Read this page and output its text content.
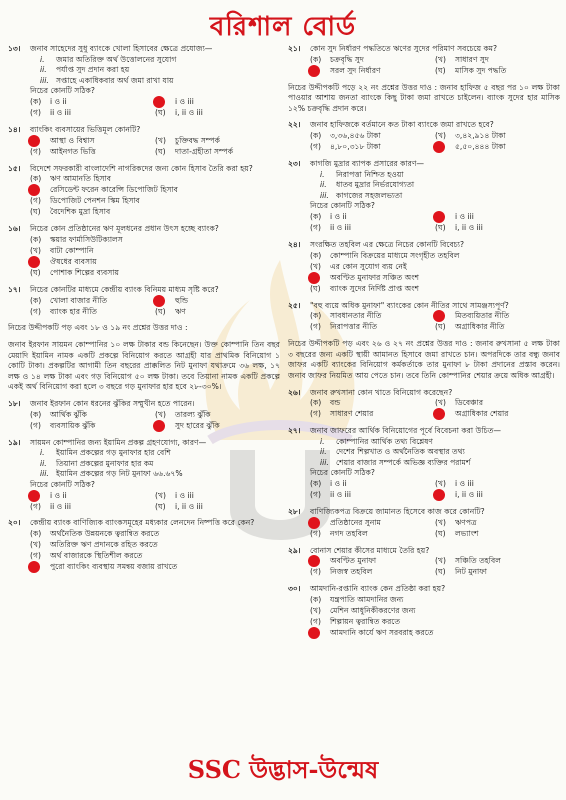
বরিশাল বোর্ড
১৩।	জনাব সাহেদের সুধু ব্যাংকে খোলা হিসাবের ক্ষেত্রে প্রযোজ্য—
i.	জমার অতিরিক্ত অর্থ উত্তোলনের সুযোগ
ii.	পর্যাপ্ত সুদ প্রদান করা হয়
iii. সপ্তাহে একাধিকবার অর্থ জমা রাখা যায়
নিচের কোনটি সঠিক?
(ক)	i ও ii	i ও iii
(গ)	ii ও iii	(ঘ)	i, ii ও iii
১৪।	ব্যাংকিং ব্যবসায়ের ভিত্তিমূল কোনটি?
আস্থা ও বিশ্বাস	(খ)	চুক্তিবদ্ধ সম্পর্ক
(গ)	আইনগত ভিত্তি	(ঘ)	দাতা-গ্রহীতা সম্পর্ক
১৫।	বিদেশে সফরকারী বাংলাদেশি নাগরিকদের জন্য কোন হিসাব তৈরি করা হয়?
(ক)	ঋণ আমানতি হিসাব
রেসিডেন্ট ফরেন কারেন্সি ডিপোজিট হিসাব
(গ)	ডিপোজিট পেনশন স্কিম হিসাব
(ঘ)	বৈদেশিক মুদ্রা হিসাব
১৬।	নিচের কোন প্রতিষ্ঠানের ঋণ মূলধনের প্রধান উৎস হচ্ছে ব্যাংক?
(ক)	স্কয়ার ফার্মাসিউটিক্যালস
(খ)	বাটা কোম্পানি
ঔষধের ব্যবসায়
(ঘ)	পোশাক শিল্পের ব্যবসায়
১৭।	নিচের কোনটির মাধ্যমে কেন্দ্রীয় ব্যাংক বিনিময় মাধ্যম সৃষ্টি করে?
(ক)	খোলা বাজার নীতি	হুন্ডি
(গ)	ব্যাংক হার নীতি	(ঘ)	ঋণ
নিচের উদ্দীপকটি পড় এবং ১৮ ও ১৯ নং প্রশ্নের উত্তর দাও :
জনাব ইরফান সায়মন কোম্পানির ১০ লক্ষ টাকার বন্ড কিনেছেন। উক্ত কোম্পানি তিন বছর মেয়াদি ইয়ামিন নামক একটি প্রকল্পে বিনিয়োগ করতে আগ্রহী যার প্রাথমিক বিনিয়োগ ১ কোটি টাকা। প্রকল্পটির আগামী তিন বছরের প্রাক্কলিত নিট মুনাফা যথাক্রমে ৩৬ লক্ষ, ১৭ লক্ষ ও ১৪ লক্ষ টাকা এবং গড় বিনিয়োগ ৫০ লক্ষ টাকা। তবে তিয়ানা নামক একটি প্রকল্পে একই অর্থ বিনিয়োগ করা হলে ৩ বছরে গড় মুনাফার হার হবে ২৮-৩০%।
১৮।	জনাব ইরফান কোন ধরনের ঝুঁকির সম্মুখীন হতে পারেন।
(ক)	আর্থিক ঝুঁকি	(খ)	তারল্য ঝুঁকি
(গ)	ব্যবসায়িক ঝুঁকি	সুদ হারের ঝুঁকি
১৯।	সায়মন কোম্পানির জন্য ইয়ামিন প্রকল্প গ্রহণযোগ্য, কারণ—
i.	ইয়ামিন প্রকল্পের গড় মুনাফার হার বেশি
ii.	তিয়ানা প্রকল্পের মুনাফার হার কম
iii. ইয়ামিন প্রকল্পের গড় নিট মুনাফা ৬৬.৬৭%
নিচের কোনটি সঠিক?
i ও ii	(খ)	i ও iii
(গ)	ii ও iii	(ঘ)	i, ii ও iii
২০।	কেন্দ্রীয় ব্যাংক বাণিজ্যিক ব্যাংকসমূহের মধ্যকার লেনদেন নিষ্পত্তি করে কেন?
(ক)	অর্থনৈতিক উন্নয়নকে ত্বরান্বিত করতে
(খ)	অতিরিক্ত ঋণ প্রদানকে রহিত করতে
(গ)	অর্থ বাজারকে স্থিতিশীল করতে
পুরো ব্যাংকিং ব্যবস্থায় সমন্বয় বজায় রাখতে
২১।	কোন সুদ নির্ধারণ পদ্ধতিতে ঋণের সুদের পরিমাণ সবচেয়ে কম?
(ক)	চক্রবৃদ্ধি সুদ	(খ)	সাধারণ সুদ
সরল সুদ নির্ধারণ	(ঘ)	মাসিক সুদ পদ্ধতি
নিচের উদ্দীপকটি পড়ে ২২ নং প্রশ্নের উত্তর দাও : জনাব হাফিজ ৫ বছর পর ১০ লক্ষ টাকা পাওয়ার আশায় জনতা ব্যাংকে কিছু টাকা জমা রাখতে চাইলেন। ব্যাংক সুদের হার মাসিক ১২% চক্রবৃদ্ধি প্রদান করে।
২২।	জনাব হাফিজকে বর্তমানে কত টাকা ব্যাংকে জমা রাখতে হবে?
(ক)	৩,৩৬,৪৫৬ টাকা	(খ)	৩,৪২,৯১৪ টাকা
(গ)	৪,৮০,৩১৮ টাকা	৫,৫০,৪৪৪ টাকা
২৩।	কাগজি মুদ্রার ব্যাপক প্রসারের কারণ—
i.	নিরাপত্তা নিশ্চিত হওয়া
ii.	ধাতব মুদ্রার নির্ভরযোগ্যতা
iii. কাগজের সহজলভ্যতা
নিচের কোনটি সঠিক?
(ক)	i ও ii	i ও iii
(গ)	ii ও iii	(ঘ)	i, ii ও iii
২৪।	সংরক্ষিত তহবিল এর ক্ষেত্রে নিচের কোনটি বিবেচ্য?
(ক)	কোম্পানি বিক্রয়ের মাধ্যমে সংগৃহীত তহবিল
(খ)	এর কোন সুযোগ ব্যয় নেই
অবণ্টিত মুনাফার সঞ্চিত অংশ
(ঘ)	ব্যাংক সুদের নির্দিষ্ট প্রাপ্ত অংশ
২৫।	"বহু ব্যয়ে অধিক মুনাফা" ব্যাংকের কোন নীতির সাথে সামঞ্জস্যপূর্ণ?
(ক)	সাবধানতার নীতি	মিতব্যয়িতার নীতি
(গ)	নিরাপত্তার নীতি	(ঘ)	অগ্রাধিকার নীতি
নিচের উদ্দীপকটি পড় এবং ২৬ ও ২৭ নং প্রশ্নের উত্তর দাও : জনাব রুখসানা ৫ লক্ষ টাকা ৩ বছরের জন্য একটি স্থায়ী আমানত হিসাবে জমা রাখতে চান। অপরদিকে তার বন্ধু জনাব জাফর একটি ব্যাংকের বিনিয়োগ কর্মকর্তাকে তার মুনাফা ৮ টাকা প্রদানের প্রস্তাব করেন। জনাব জাফর নিয়মিত আয় পেতে চান। তবে তিনি কোম্পানির শেয়ার ক্রয়ে অধিক আগ্রহী।
২৬।	জনাব রুখসানা কোন খাতে বিনিয়োগ করেছেন?
(ক)	বন্ড	(খ)	ডিবেঞ্চার
(গ)	সাধারণ শেয়ার	অগ্রাধিকার শেয়ার
২৭।	জনাব জাফরের আর্থিক বিনিয়োগের পূর্বে বিবেচনা করা উচিত—
i.	কোম্পানির আর্থিক তথ্য বিশ্লেষণ
ii.	দেশের শিল্পখাত ও অর্থনৈতিক অবস্থার তথ্য
iii. শেয়ার বাজার সম্পর্কে অভিজ্ঞ ব্যক্তির পরামর্শ
নিচের কোনটি সঠিক?
(ক)	i ও ii	(খ)	i ও iii
(গ)	ii ও iii	i, ii ও iii
২৮।	বাণিজ্যিকপত্র বিক্রয়ে জামানত হিসেবে কাজ করে কোনটি?
প্রতিষ্ঠানের সুনাম	(খ)	ঋণপত্র
(গ)	নগদ তহবিল	(ঘ)	লভ্যাংশ
২৯।	বোনাস শেয়ার কীসের মাধ্যমে তৈরি হয়?
অবণ্টিত মুনাফা	(খ)	সঞ্চিতি তহবিল
(গ)	নিজস্ব তহবিল	(ঘ)	নিট মুনাফা
৩০।	আমদানি-রপ্তানি ব্যাংক কেন প্রতিষ্ঠা করা হয়?
(ক)	যন্ত্রপাতি আমদানির জন্য
(খ)	মেশিন আধুনিকীকরণের জন্য
(গ)	শিল্পায়ন ত্বরান্বিত করতে
আমদানি কার্যে ঋণ সরবরাহ করতে
SSC উদ্ভাস-উন্মেষ
